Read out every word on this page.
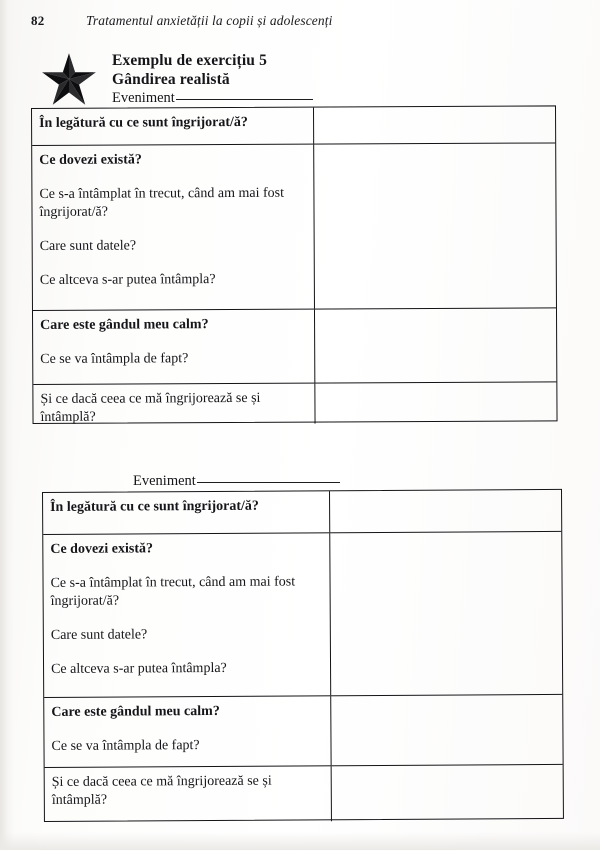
82	Tratamentul anxietății la copii și adolescenți
Exemplu de exercițiu 5
Gândirea realistă
Eveniment
Eveniment
În legătură cu ce sunt îngrijorat/ă?
Ce dovezi există?
Ce s-a întâmplat în trecut, când am mai fost îngrijorat/ă?
Care sunt datele?
Ce altceva s-ar putea întâmpla?
Care este gândul meu calm?
Ce se va întâmpla de fapt?
Și ce dacă ceea ce mă îngrijorează se și întâmplă?
În legătură cu ce sunt îngrijorat/ă?
Ce dovezi există?
Ce s-a întâmplat în trecut, când am mai fost îngrijorat/ă?
Care sunt datele?
Ce altceva s-ar putea întâmpla?
Care este gândul meu calm?
Ce se va întâmpla de fapt?
Și ce dacă ceea ce mă îngrijorează se și întâmplă?
